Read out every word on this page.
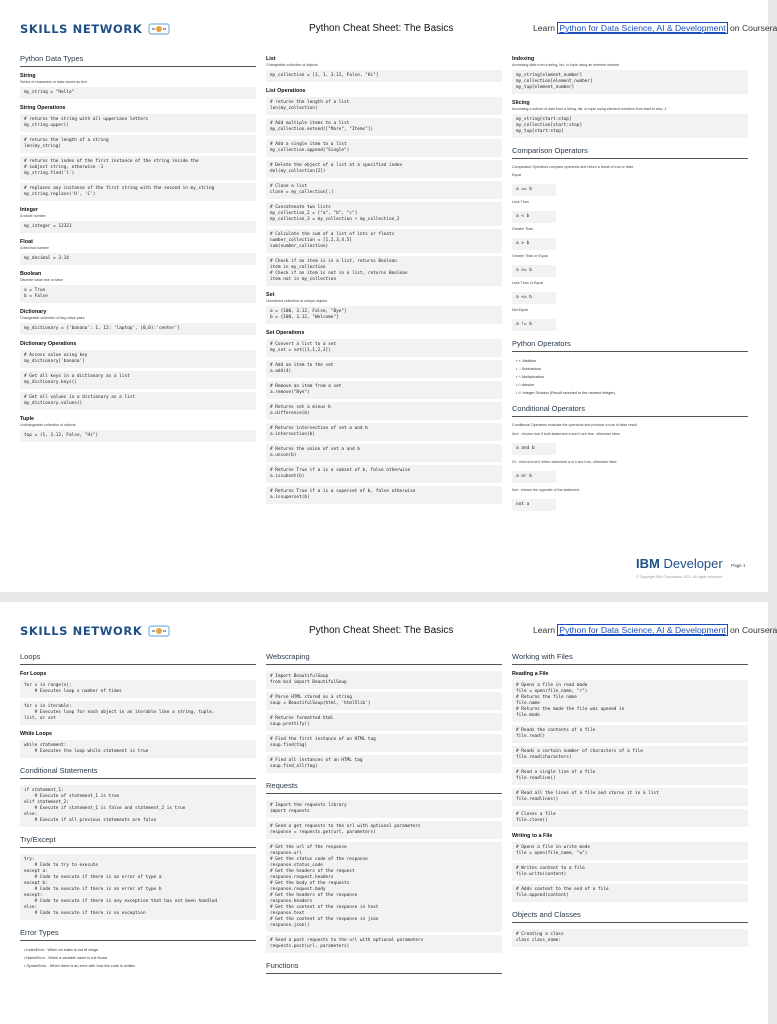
SKILLS NETWORK	Python Cheat Sheet: The Basics	Learn Python for Data Science, AI & Development on Coursera
Python Data Types
String
Series of characters or data stored as text
my_string = "Hello"
String Operations
# returns the string with all uppercase letters
my_string.upper()
# returns the length of a string
len(my_string)
# returns the index of the first instance of the string inside the
# subject string, otherwise -1
my_string.find('l')
# replaces any instance of the first string with the second in my_string
my_string.replace('H', 'C')
Integer
A whole number
my_integer = 12321
Float
A decimal number
my_decimal = 3.14
Boolean
Discrete value true or false
a = True
b = False
Dictionary
Changeable collection of key-value pairs
my_dictionary = {'banana': 1, 12: 'laptop', (0,0):'center'}
Dictionary Operations
# Access value using key
my_dictionary['banana']
# Get all keys in a dictionary as a list
my_dictionary.keys()
# Get all values in a dictionary as a list
my_dictionary.values()
Tuple
Unchangeable collection of objects
tup = (1, 3.12, False, "Hi")
List
Changeable collection of objects
my_collection = [1, 1, 3.12, False, "Hi"]
List Operations
# returns the length of a list
len(my_collection)
# Add multiple items to a list
my_collection.extend(["More", "Items"])
# Add a single item to a list
my_collection.append("Single")
# Delete the object of a list at a specified index
del(my_collection[2])
# Clone a list
clone = my_collection[:]
# Concatenate two lists
my_collection_2 = ["a", "b", "c"]
my_collection_3 = my_collection + my_collection_2
# Calculate the sum of a list of ints or floats
number_collection = [1,2,3,4.5]
sum(number_collection)
# Check if an item is in a list, returns Boolean
item in my_collection
# Check if an item is not in a list, returns Boolean
item not in my_collection
Set
Unordered collection of unique objects
a = {100, 3.12, False, "Bye"}
b = {100, 3.12, "Welcome"}
Set Operations
# Convert a list to a set
my_set = set([1,1,2,3])
# Add an item to the set
a.add(4)
# Remove an item from a set
a.remove("Bye")
# Returns set a minus b
a.difference(b)
# Returns intersection of set a and b
a.intersection(b)
# Returns the union of set a and b
a.union(b)
# Returns True if a is a subset of b, false otherwise
a.issubset(b)
# Returns True if a is a superset of b, false otherwise
a.issuperset(b)
Indexing
Accessing data from a string, list, or tuple using an element number
my_string[element_number]
my_collection[element_number]
my_tup[element_number]
Slicing
Accessing a subset of data from a string, list, or tuple using element numbers from start to stop -1
my_string[start:stop]
my_collection[start:stop]
my_tup[start:stop]
Comparison Operators
Comparison Operators compare operands and return a result of true or false
Equal
a == b
Less Than
a < b
Greater Than
a > b
Greater Than or Equal
a >= b
Less Than or Equal
a <= b
Not Equal
a != b
Python Operators
• +: Addition
• -: Subtraction
• *: Multiplication
• /: division
• //: Integer Division (Result rounded to the nearest integer)
Conditional Operators
Conditional Operators evaluate the operands and produce a true of false result
And - returns true if both statement a and b are true, otherwise false
a and b
Or - returns true if either statement a or b are true, otherwise false
a or b
Not - returns the opposite of the statement
not a
IBM Developer Page 1
© Copyright IBM Corporation 2021. All rights reserved.
SKILLS NETWORK	Python Cheat Sheet: The Basics	Learn Python for Data Science, AI & Development on Coursera
Loops
For Loops
for x in range(x):
# Executes loop x number of times
for x in iterable:
# Executes loop for each object in an iterable like a string, tuple,
list, or set
While Loops
while statement:
# Executes the loop while statement is true
Conditional Statements
if statement_1:
# Execute of statement_1 is true
elif statement_2:
# Execute if statement_1 is false and statement_2 is true
else:
# Execute if all previous statements are false
Try/Except
try:
# Code to try to execute
except a:
# Code to execute if there is an error of type a
except b:
# Code to execute if there is an error of type b
except:
# Code to execute if there is any exception that has not been handled
else:
# Code to execute if there is no exception
Error Types
• IndexError - When an index is out of range
• NameError - When a variable name is not found
• SyntaxError - When there is an error with how the code is written
Webscraping
# Import BeautifulSoup
from bs4 import BeautifulSoup
# Parse HTML stored as a string
soup = BeautifulSoup(html, 'html5lib')
# Returns formatted html
soup.prettify()
# Find the first instance of an HTML tag
soup.find(tag)
# Find all instances of an HTML tag
soup.find_all(tag)
Requests
# Import the requests library
import requests
# Send a get requests to the url with optional parameters
response = requests.get(url, parameters)
# Get the url of the response
response.url
# Get the status code of the response
response.status_code
# Get the headers of the request
response.request.headers
# Get the body of the requests
response.request.body
# Get the headers of the response
response.headers
# Get the content of the response in text
response.text
# Get the content of the response in json
response.json()
# Send a post requests to the url with optional parameters
requests.post(url, parameters)
Functions
Working with Files
Reading a File
# Opens a file in read mode
file = open(file_name, "r")
# Returns the file name
file.name
# Returns the mode the file was opened in
file.mode
# Reads the contents of a file
file.read()
# Reads a certain number of characters of a file
file.read(characters)
# Read a single line of a file
file.readline()
# Read all the lines of a file and stores it in a list
file.readlines()
# Closes a file
file.close()
Writing to a File
# Opens a file in write mode
file = open(file_name, "w")
# Writes content to a file
file.write(content)
# Adds content to the end of a file
file.append(content)
Objects and Classes
# Creating a class
class class_name:
